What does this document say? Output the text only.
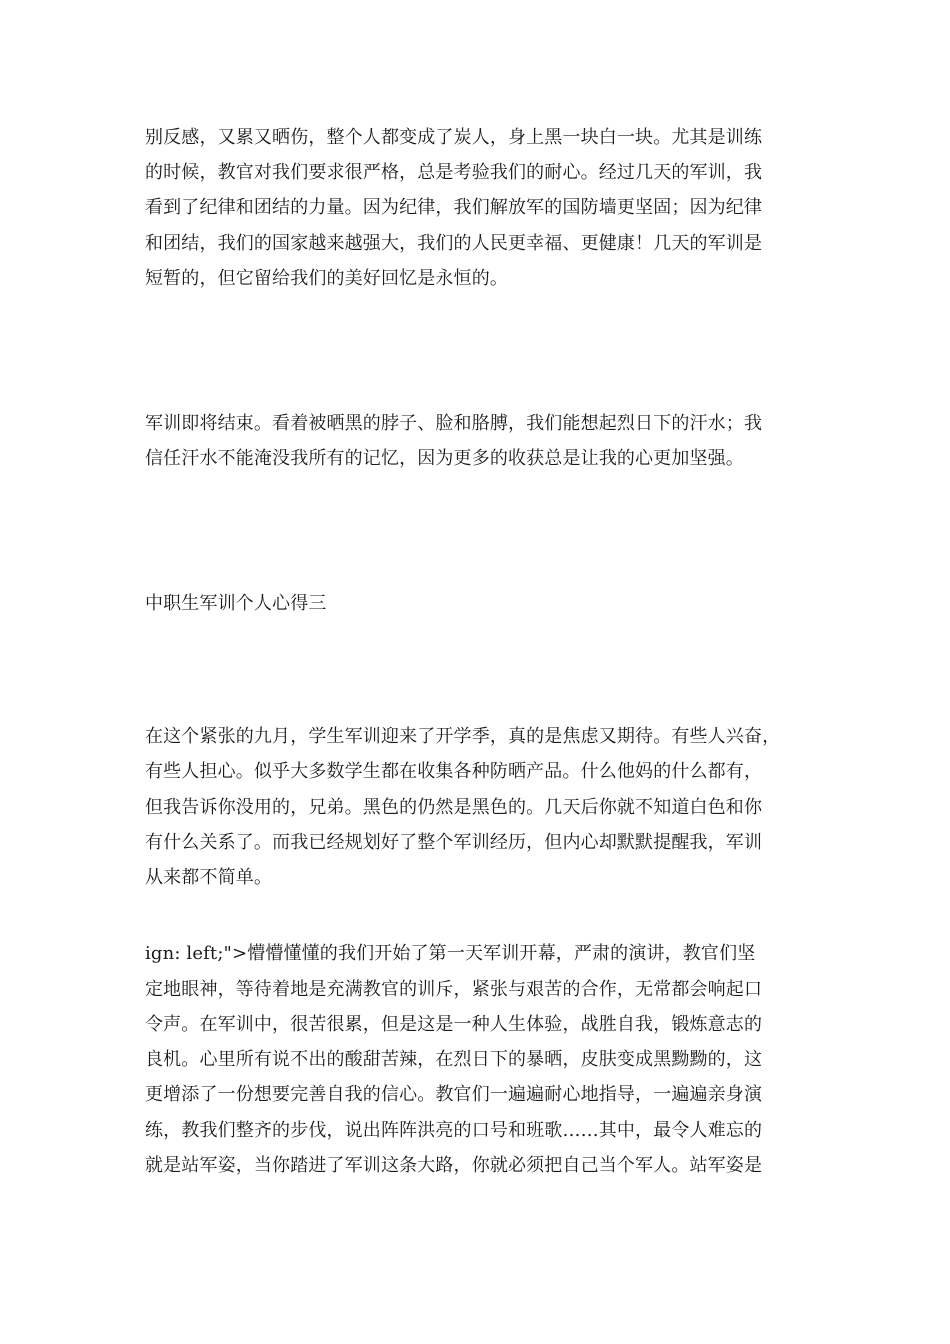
别反感，又累又晒伤，整个人都变成了炭人，身上黑一块白一块。尤其是训练
的时候，教官对我们要求很严格，总是考验我们的耐心。经过几天的军训，我
看到了纪律和团结的力量。因为纪律，我们解放军的国防墙更坚固；因为纪律
和团结，我们的国家越来越强大，我们的人民更幸福、更健康！几天的军训是
短暂的，但它留给我们的美好回忆是永恒的。
军训即将结束。看着被晒黑的脖子、脸和胳膊，我们能想起烈日下的汗水；我
信任汗水不能淹没我所有的记忆，因为更多的收获总是让我的心更加坚强。
中职生军训个人心得三
在这个紧张的九月，学生军训迎来了开学季，真的是焦虑又期待。有些人兴奋，
有些人担心。似乎大多数学生都在收集各种防晒产品。什么他妈的什么都有，
但我告诉你没用的，兄弟。黑色的仍然是黑色的。几天后你就不知道白色和你
有什么关系了。而我已经规划好了整个军训经历，但内心却默默提醒我，军训
从来都不简单。
ign: left;">懵懵懂懂的我们开始了第一天军训开幕，严肃的演讲，教官们坚
定地眼神，等待着地是充满教官的训斥，紧张与艰苦的合作，无常都会响起口
令声。在军训中，很苦很累，但是这是一种人生体验，战胜自我，锻炼意志的
良机。心里所有说不出的酸甜苦辣，在烈日下的暴晒，皮肤变成黑黝黝的，这
更增添了一份想要完善自我的信心。教官们一遍遍耐心地指导，一遍遍亲身演
练，教我们整齐的步伐，说出阵阵洪亮的口号和班歌……其中，最令人难忘的
就是站军姿，当你踏进了军训这条大路，你就必须把自己当个军人。站军姿是
